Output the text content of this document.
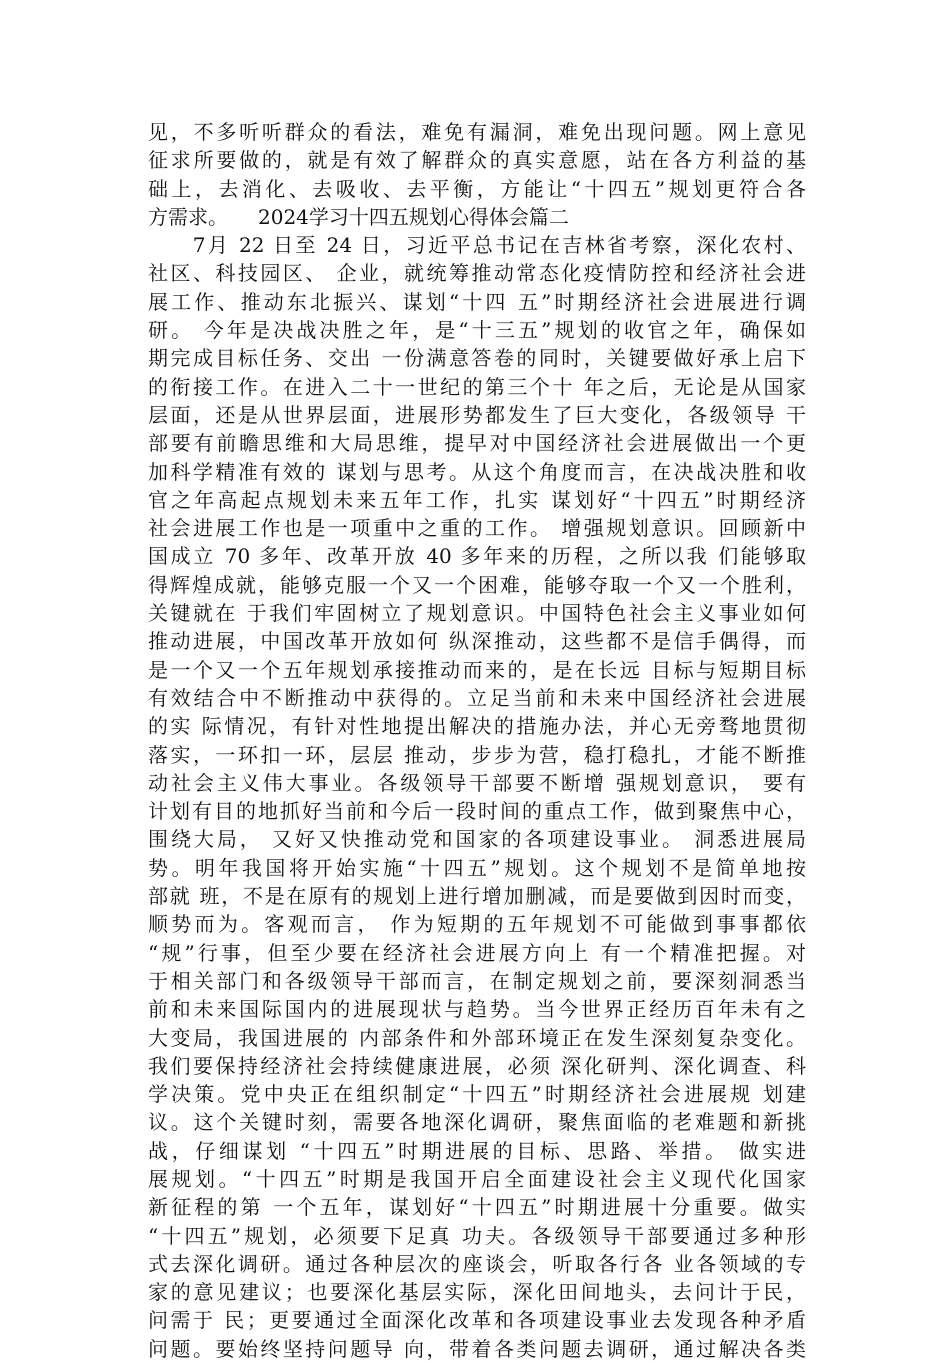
见，不多听听群众的看法，难免有漏洞，难免出现问题。网上意见
征求所要做的，就是有效了解群众的真实意愿，站在各方利益的基
础上，去消化、去吸收、去平衡，方能让“十四五”规划更符合各
方需求。　　2024学习十四五规划心得体会篇二
　　7月 22 日至 24 日，习近平总书记在吉林省考察，深化农村、
社区、科技园区、 企业，就统筹推动常态化疫情防控和经济社会进
展工作、推动东北振兴、谋划“十四 五”时期经济社会进展进行调
研。 今年是决战决胜之年，是“十三五”规划的收官之年，确保如
期完成目标任务、交出 一份满意答卷的同时，关键要做好承上启下
的衔接工作。在进入二十一世纪的第三个十 年之后，无论是从国家
层面，还是从世界层面，进展形势都发生了巨大变化，各级领导 干
部要有前瞻思维和大局思维，提早对中国经济社会进展做出一个更
加科学精准有效的 谋划与思考。从这个角度而言，在决战决胜和收
官之年高起点规划未来五年工作，扎实 谋划好“十四五”时期经济
社会进展工作也是一项重中之重的工作。 增强规划意识。回顾新中
国成立 70 多年、改革开放 40 多年来的历程，之所以我 们能够取
得辉煌成就，能够克服一个又一个困难，能够夺取一个又一个胜利，
关键就在 于我们牢固树立了规划意识。中国特色社会主义事业如何
推动进展，中国改革开放如何 纵深推动，这些都不是信手偶得，而
是一个又一个五年规划承接推动而来的，是在长远 目标与短期目标
有效结合中不断推动中获得的。立足当前和未来中国经济社会进展
的实 际情况，有针对性地提出解决的措施办法，并心无旁骛地贯彻
落实，一环扣一环，层层 推动，步步为营，稳打稳扎，才能不断推
动社会主义伟大事业。各级领导干部要不断增 强规划意识， 要有
计划有目的地抓好当前和今后一段时间的重点工作，做到聚焦中心，
围绕大局， 又好又快推动党和国家的各项建设事业。 洞悉进展局
势。明年我国将开始实施“十四五”规划。这个规划不是简单地按
部就 班，不是在原有的规划上进行增加删减，而是要做到因时而变，
顺势而为。客观而言， 作为短期的五年规划不可能做到事事都依
“规”行事，但至少要在经济社会进展方向上 有一个精准把握。对
于相关部门和各级领导干部而言，在制定规划之前，要深刻洞悉当
前和未来国际国内的进展现状与趋势。当今世界正经历百年未有之
大变局，我国进展的 内部条件和外部环境正在发生深刻复杂变化。
我们要保持经济社会持续健康进展，必须 深化研判、深化调查、科
学决策。党中央正在组织制定“十四五”时期经济社会进展规 划建
议。这个关键时刻，需要各地深化调研，聚焦面临的老难题和新挑
战，仔细谋划 “十四五”时期进展的目标、思路、举措。 做实进
展规划。“十四五”时期是我国开启全面建设社会主义现代化国家
新征程的第 一个五年，谋划好“十四五”时期进展十分重要。做实
“十四五”规划，必须要下足真 功夫。各级领导干部要通过多种形
式去深化调研。通过各种层次的座谈会，听取各行各 业各领域的专
家的意见建议；也要深化基层实际，深化田间地头，去问计于民，
问需于 民；更要通过全面深化改革和各项建设事业去发现各种矛盾
问题。要始终坚持问题导 向，带着各类问题去调研，通过解决各类
